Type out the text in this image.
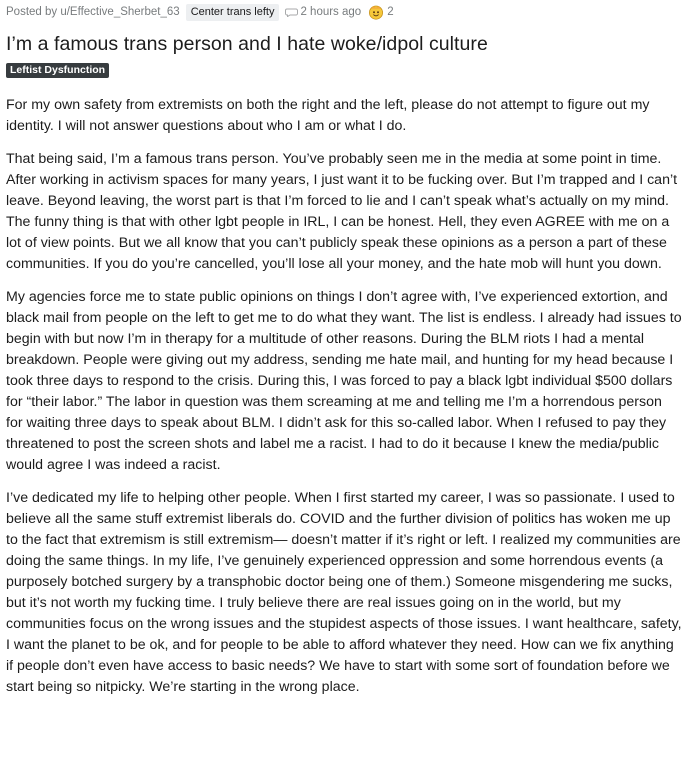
Posted by u/Effective_Sherbet_63	Center trans lefty	2 hours ago 2
I’m a famous trans person and I hate woke/idpol culture
Leftist Dysfunction

For my own safety from extremists on both the right and the left, please do not attempt to figure out my identity. I will not answer questions about who I am or what I do.

That being said, I’m a famous trans person. You’ve probably seen me in the media at some point in time. After working in activism spaces for many years, I just want it to be fucking over. But I’m trapped and I can’t leave. Beyond leaving, the worst part is that I’m forced to lie and I can’t speak what’s actually on my mind. The funny thing is that with other lgbt people in IRL, I can be honest. Hell, they even AGREE with me on a lot of view points. But we all know that you can’t publicly speak these opinions as a person a part of these communities. If you do you’re cancelled, you’ll lose all your money, and the hate mob will hunt you down.

My agencies force me to state public opinions on things I don’t agree with, I’ve experienced extortion, and black mail from people on the left to get me to do what they want. The list is endless. I already had issues to begin with but now I’m in therapy for a multitude of other reasons. During the BLM riots I had a mental breakdown. People were giving out my address, sending me hate mail, and hunting for my head because I took three days to respond to the crisis. During this, I was forced to pay a black lgbt individual $500 dollars for “their labor.” The labor in question was them screaming at me and telling me I’m a horrendous person for waiting three days to speak about BLM. I didn’t ask for this so-called labor. When I refused to pay they threatened to post the screen shots and label me a racist. I had to do it because I knew the media/public would agree I was indeed a racist.

I’ve dedicated my life to helping other people. When I first started my career, I was so passionate. I used to believe all the same stuff extremist liberals do. COVID and the further division of politics has woken me up to the fact that extremism is still extremism— doesn’t matter if it’s right or left. I realized my communities are doing the same things. In my life, I’ve genuinely experienced oppression and some horrendous events (a purposely botched surgery by a transphobic doctor being one of them.) Someone misgendering me sucks, but it’s not worth my fucking time. I truly believe there are real issues going on in the world, but my communities focus on the wrong issues and the stupidest aspects of those issues. I want healthcare, safety, I want the planet to be ok, and for people to be able to afford whatever they need. How can we fix anything if people don’t even have access to basic needs? We have to start with some sort of foundation before we start being so nitpicky. We’re starting in the wrong place.
